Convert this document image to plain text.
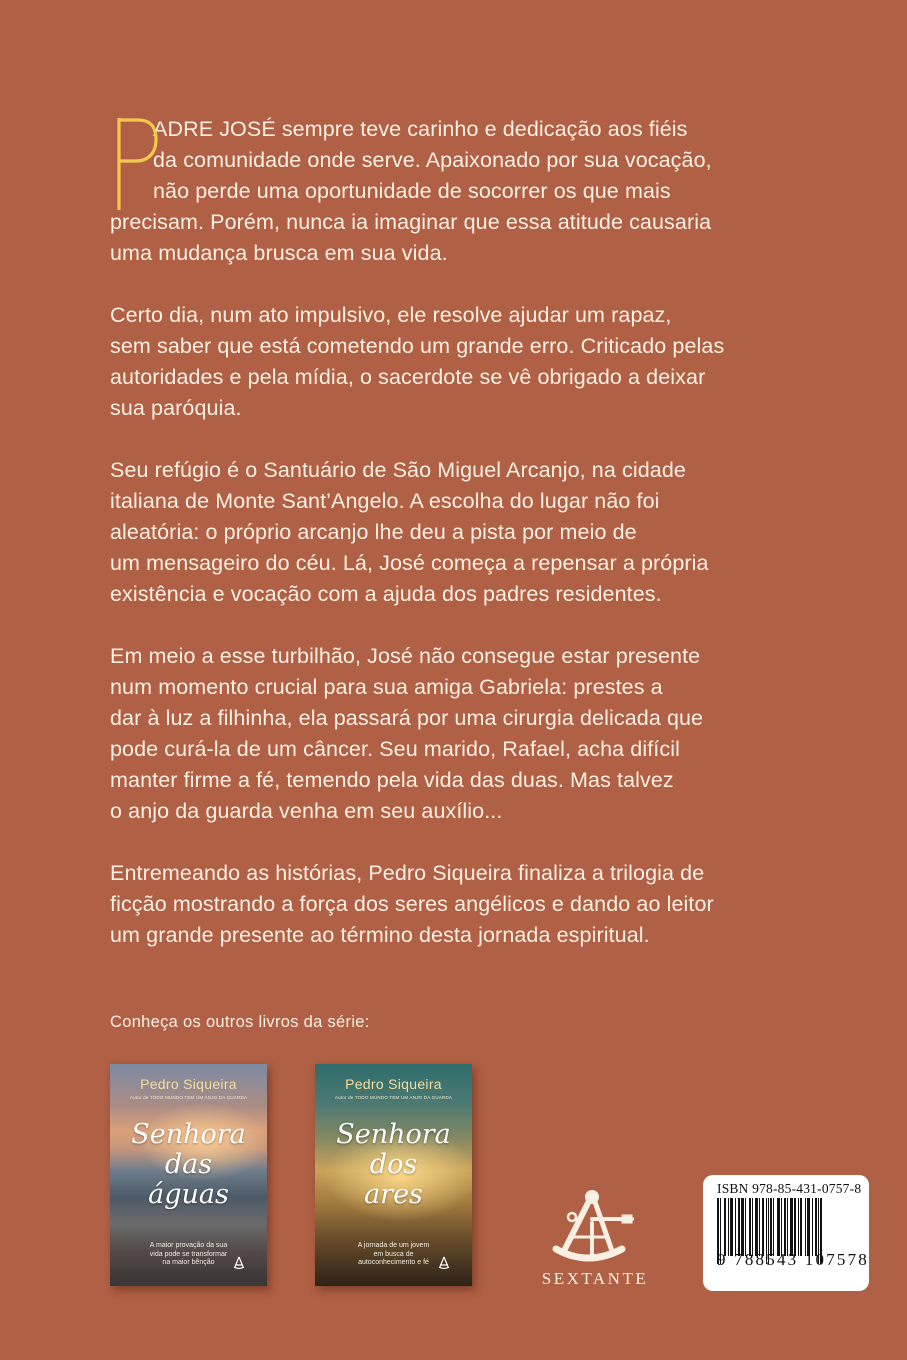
ADRE JOSÉ sempre teve carinho e dedicação aos fiéis
da comunidade onde serve. Apaixonado por sua vocação,
não perde uma oportunidade de socorrer os que mais
precisam. Porém, nunca ia imaginar que essa atitude causaria
uma mudança brusca em sua vida.

Certo dia, num ato impulsivo, ele resolve ajudar um rapaz,
sem saber que está cometendo um grande erro. Criticado pelas
autoridades e pela mídia, o sacerdote se vê obrigado a deixar
sua paróquia.

Seu refúgio é o Santuário de São Miguel Arcanjo, na cidade
italiana de Monte Sant’Angelo. A escolha do lugar não foi
aleatória: o próprio arcanjo lhe deu a pista por meio de
um mensageiro do céu. Lá, José começa a repensar a própria
existência e vocação com a ajuda dos padres residentes.

Em meio a esse turbilhão, José não consegue estar presente
num momento crucial para sua amiga Gabriela: prestes a
dar à luz a filhinha, ela passará por uma cirurgia delicada que
pode curá-la de um câncer. Seu marido, Rafael, acha difícil
manter firme a fé, temendo pela vida das duas. Mas talvez
o anjo da guarda venha em seu auxílio...

Entremeando as histórias, Pedro Siqueira finaliza a trilogia de
ficção mostrando a força dos seres angélicos e dando ao leitor
um grande presente ao término desta jornada espiritual.

Conheça os outros livros da série:
Pedro Siqueira
Autor de TODO MUNDO TEM UM ANJO DA GUARDA
Senhora
das
águas
A maior provação da sua
vida pode se transformar
na maior bênção
Pedro Siqueira
Autor de TODO MUNDO TEM UM ANJO DA GUARDA
Senhora
dos
ares
A jornada de um jovem
em busca de
autoconhecimento e fé
SEXTANTE
ISBN 978-85-431-0757-8
9 788543 107578
